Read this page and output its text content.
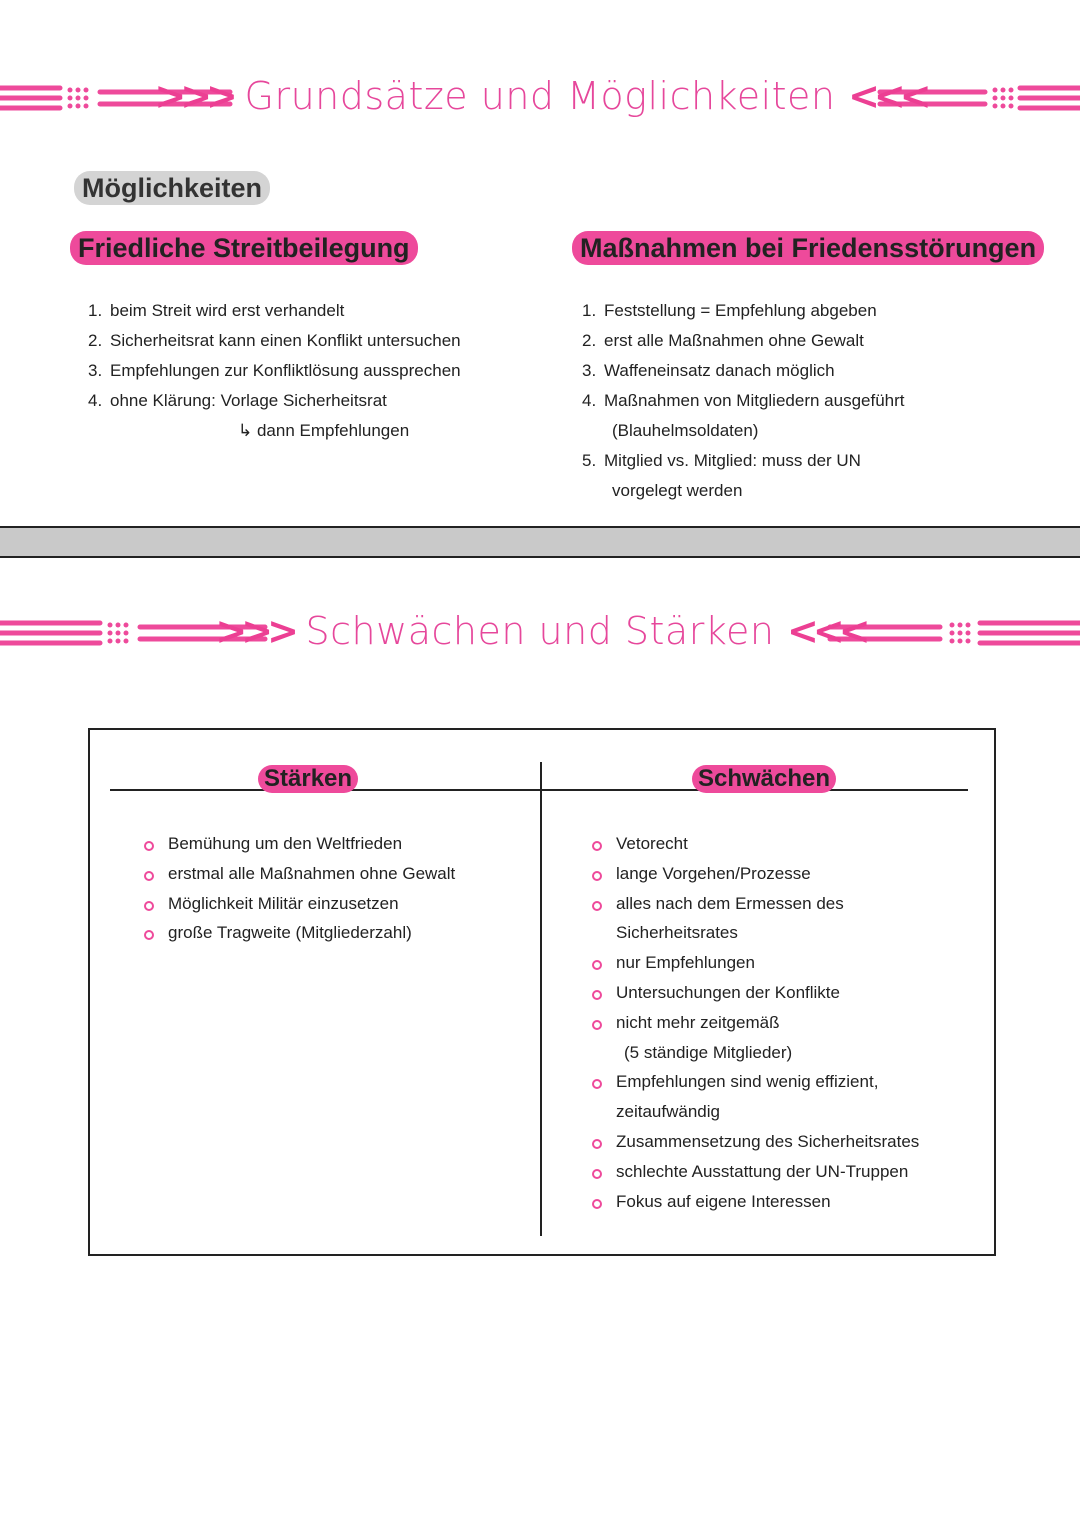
>>> Grundsätze und Möglichkeiten <<<
Möglichkeiten
Friedliche Streitbeilegung	Maßnahmen bei Friedensstörungen
1. beim Streit wird erst verhandelt
2. Sicherheitsrat kann einen Konflikt untersuchen
3. Empfehlungen zur Konfliktlösung aussprechen
4. ohne Klärung: Vorlage Sicherheitsrat
↳ dann Empfehlungen
1. Feststellung = Empfehlung abgeben
2. erst alle Maßnahmen ohne Gewalt
3. Waffeneinsatz danach möglich
4. Maßnahmen von Mitgliedern ausgeführt
(Blauhelmsoldaten)
5. Mitglied vs. Mitglied: muss der UN
vorgelegt werden
>>> Schwächen und Stärken <<<
Stärken	Schwächen
Bemühung um den Weltfrieden
erstmal alle Maßnahmen ohne Gewalt
Möglichkeit Militär einzusetzen
große Tragweite (Mitgliederzahl)
Vetorecht
lange Vorgehen/Prozesse
alles nach dem Ermessen des
Sicherheitsrates
nur Empfehlungen
Untersuchungen der Konflikte
nicht mehr zeitgemäß
(5 ständige Mitglieder)
Empfehlungen sind wenig effizient,
zeitaufwändig
Zusammensetzung des Sicherheitsrates
schlechte Ausstattung der UN-Truppen
Fokus auf eigene Interessen
